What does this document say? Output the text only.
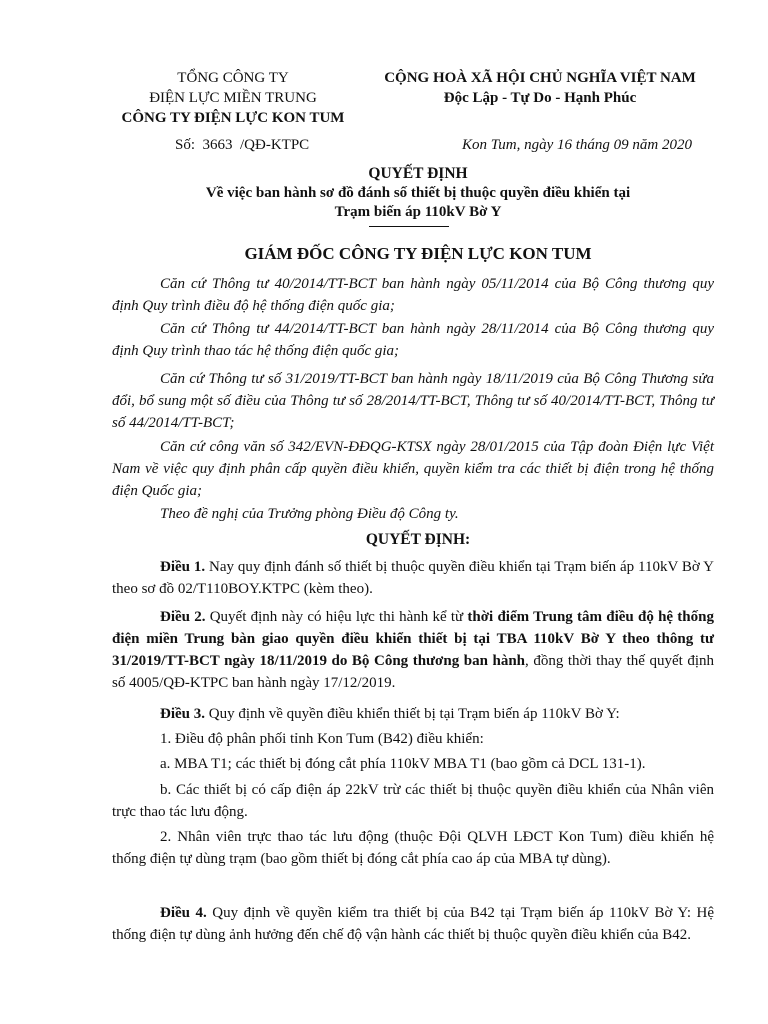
TỔNG CÔNG TY
ĐIỆN LỰC MIỀN TRUNG
CÔNG TY ĐIỆN LỰC KON TUM
CỘNG HOÀ XÃ HỘI CHỦ NGHĨA VIỆT NAM
Độc Lập - Tự Do - Hạnh Phúc
Số: 3663 /QĐ-KTPC	Kon Tum, ngày 16 tháng 09 năm 2020
QUYẾT ĐỊNH
Về việc ban hành sơ đồ đánh số thiết bị thuộc quyền điều khiển tại
Trạm biến áp 110kV Bờ Y
GIÁM ĐỐC CÔNG TY ĐIỆN LỰC KON TUM
Căn cứ Thông tư 40/2014/TT-BCT ban hành ngày 05/11/2014 của Bộ Công thương quy định Quy trình điều độ hệ thống điện quốc gia;
Căn cứ Thông tư 44/2014/TT-BCT ban hành ngày 28/11/2014 của Bộ Công thương quy định Quy trình thao tác hệ thống điện quốc gia;
Căn cứ Thông tư số 31/2019/TT-BCT ban hành ngày 18/11/2019 của Bộ Công Thương sửa đổi, bổ sung một số điều của Thông tư số 28/2014/TT-BCT, Thông tư số 40/2014/TT-BCT, Thông tư số 44/2014/TT-BCT;
Căn cứ công văn số 342/EVN-ĐĐQG-KTSX ngày 28/01/2015 của Tập đoàn Điện lực Việt Nam về việc quy định phân cấp quyền điều khiển, quyền kiểm tra các thiết bị điện trong hệ thống điện Quốc gia;
Theo đề nghị của Trưởng phòng Điều độ Công ty.
QUYẾT ĐỊNH:
Điều 1. Nay quy định đánh số thiết bị thuộc quyền điều khiển tại Trạm biến áp 110kV Bờ Y theo sơ đồ 02/T110BOY.KTPC (kèm theo).
Điều 2. Quyết định này có hiệu lực thi hành kể từ thời điểm Trung tâm điều độ hệ thống điện miền Trung bàn giao quyền điều khiển thiết bị tại TBA 110kV Bờ Y theo thông tư 31/2019/TT-BCT ngày 18/11/2019 do Bộ Công thương ban hành, đồng thời thay thế quyết định số 4005/QĐ-KTPC ban hành ngày 17/12/2019.
Điều 3. Quy định về quyền điều khiển thiết bị tại Trạm biến áp 110kV Bờ Y:
1. Điều độ phân phối tỉnh Kon Tum (B42) điều khiển:
a. MBA T1; các thiết bị đóng cắt phía 110kV MBA T1 (bao gồm cả DCL 131-1).
b. Các thiết bị có cấp điện áp 22kV trừ các thiết bị thuộc quyền điều khiển của Nhân viên trực thao tác lưu động.
2. Nhân viên trực thao tác lưu động (thuộc Đội QLVH LĐCT Kon Tum) điều khiển hệ thống điện tự dùng trạm (bao gồm thiết bị đóng cắt phía cao áp của MBA tự dùng).
Điều 4. Quy định về quyền kiểm tra thiết bị của B42 tại Trạm biến áp 110kV Bờ Y: Hệ thống điện tự dùng ảnh hưởng đến chế độ vận hành các thiết bị thuộc quyền điều khiển của B42.
